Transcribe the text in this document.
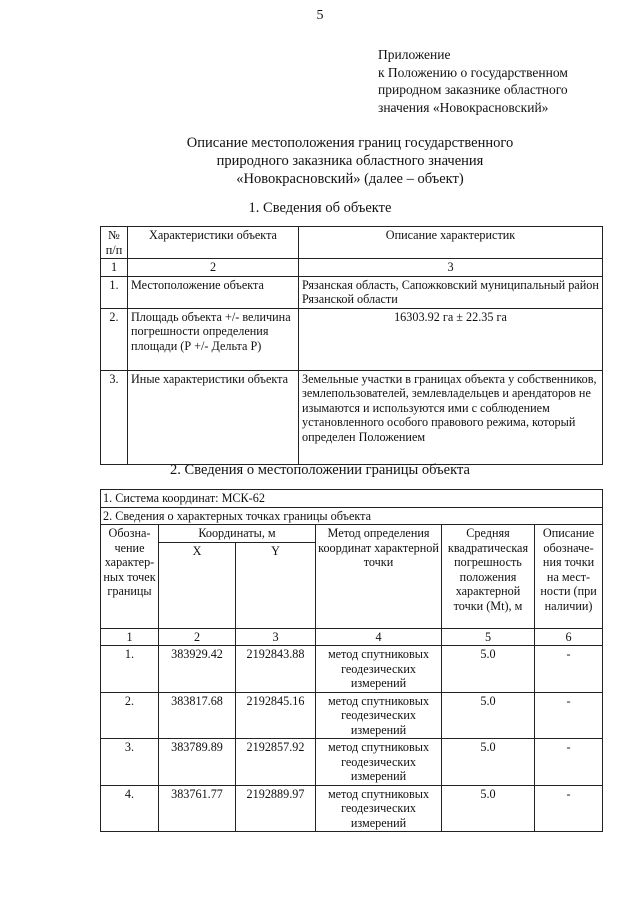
5
Приложение
к Положению о государственном
природном заказнике областного
значения «Новокрасновский»
Описание местоположения границ государственного
природного заказника областного значения
«Новокрасновский» (далее – объект)
1. Сведения об объекте
№ п/п	Характеристики объекта	Описание характеристик
1	2	3
1.	Местоположение объекта	Рязанская область, Сапожковский муниципальный район Рязанской области
2.	Площадь объекта +/- величина погрешности определения площади (Р +/- Дельта Р)	16303.92 га ± 22.35 га
3.	Иные характеристики объекта	Земельные участки в границах объекта у собственников, землепользователей, землевладельцев и арендаторов не изымаются и используются ими с соблюдением установленного особого правового режима, который определен Положением
2. Сведения о местоположении границы объекта
1. Система координат: МСК-62					
2. Сведения о характерных точках границы объекта					
Обозна-чение характер-ных точек границы	Координаты, м		Метод определения координат характерной точки	Средняя квадратическая погрешность положения характерной точки (Mt), м	Описание обозначе-ния точки на мест-ности (при наличии)
	X	Y			
1	2	3	4	5	6
1.	383929.42	2192843.88	метод спутниковых геодезических измерений	5.0	-
2.	383817.68	2192845.16	метод спутниковых геодезических измерений	5.0	-
3.	383789.89	2192857.92	метод спутниковых геодезических измерений	5.0	-
4.	383761.77	2192889.97	метод спутниковых геодезических измерений	5.0	-
